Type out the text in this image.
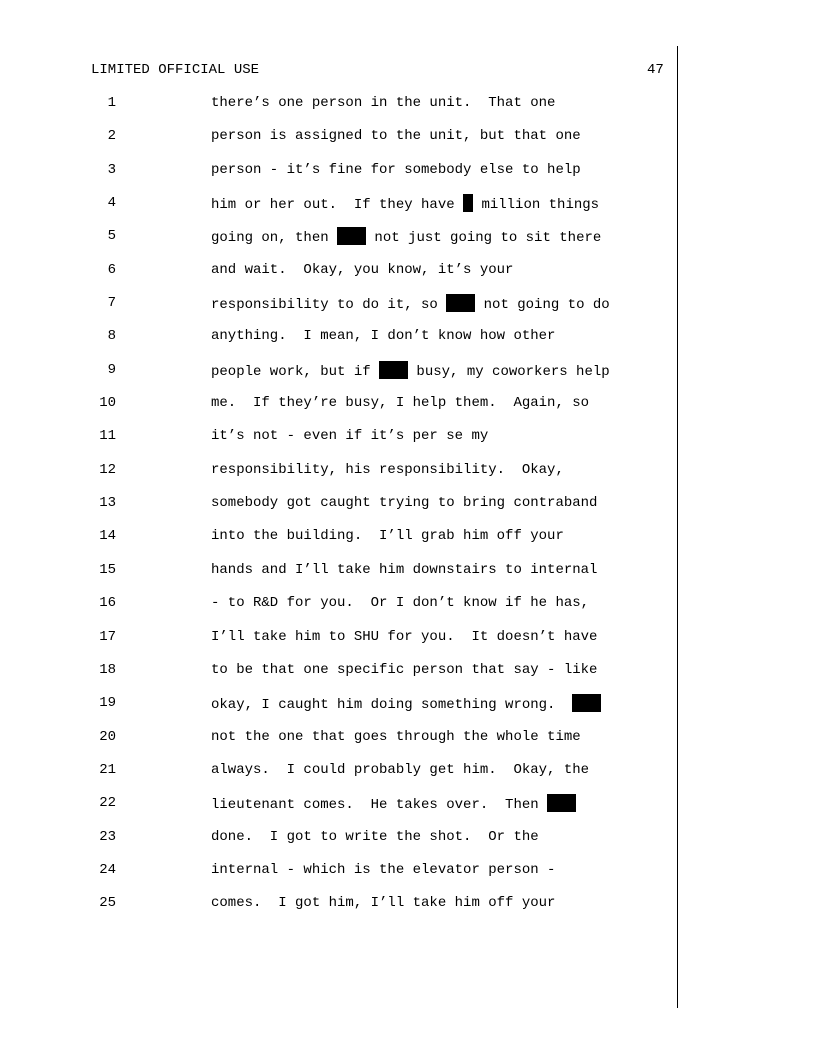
LIMITED OFFICIAL USE	47
1	there’s one person in the unit.  That one
2	person is assigned to the unit, but that one
3	person - it’s fine for somebody else to help
4	him or her out.  If they have  million things
5	going on, then  not just going to sit there
6	and wait.  Okay, you know, it’s your
7	responsibility to do it, so  not going to do
8	anything.  I mean, I don’t know how other
9	people work, but if  busy, my coworkers help
10	me.  If they’re busy, I help them.  Again, so
11	it’s not - even if it’s per se my
12	responsibility, his responsibility.  Okay,
13	somebody got caught trying to bring contraband
14	into the building.  I’ll grab him off your
15	hands and I’ll take him downstairs to internal
16	- to R&D for you.  Or I don’t know if he has,
17	I’ll take him to SHU for you.  It doesn’t have
18	to be that one specific person that say - like
19	okay, I caught him doing something wrong.
20	not the one that goes through the whole time
21	always.  I could probably get him.  Okay, the
22	lieutenant comes.  He takes over.  Then
23	done.  I got to write the shot.  Or the
24	internal - which is the elevator person -
25	comes.  I got him, I’ll take him off your
